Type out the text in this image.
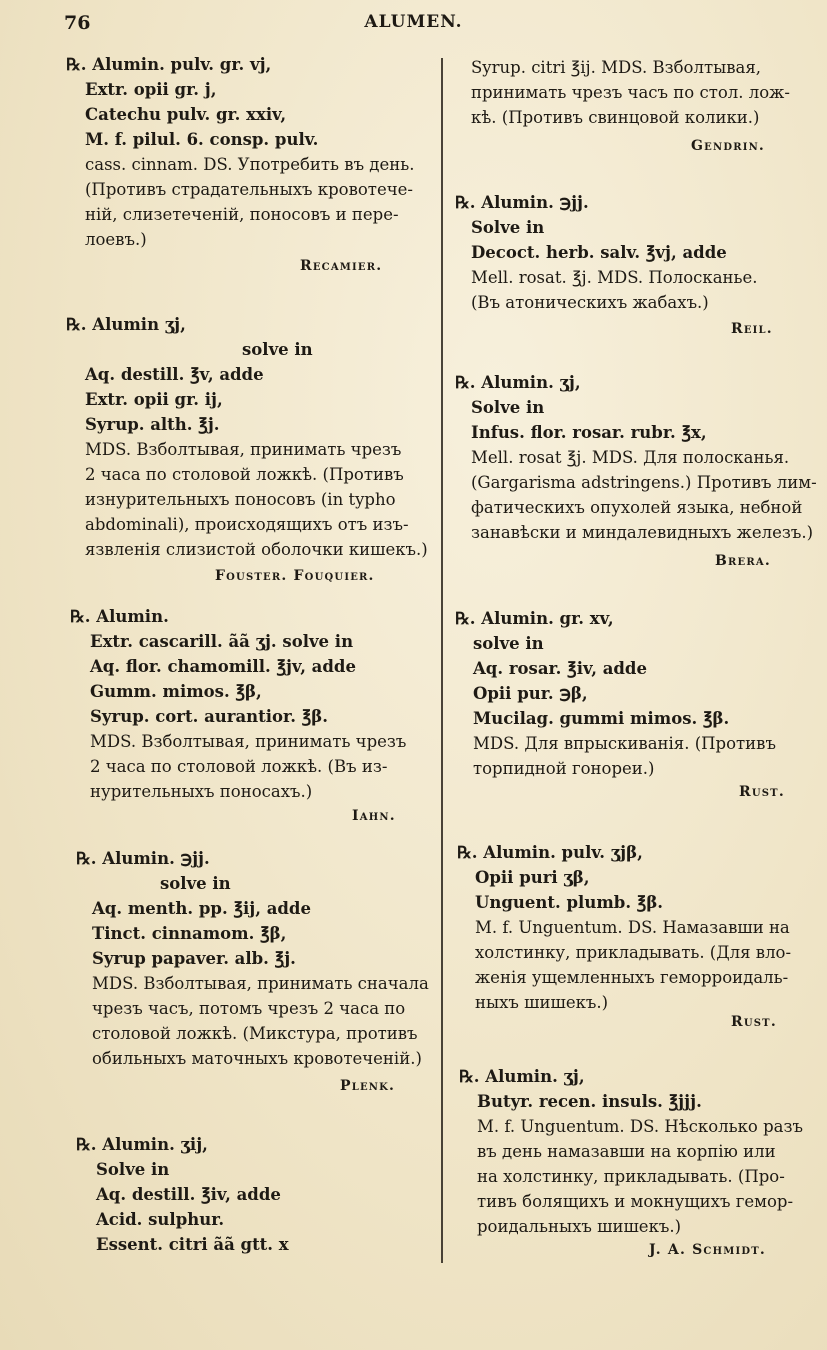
76	ALUMEN.
℞. Alumin. pulv. gr. vj,
Extr. opii gr. j,
Catechu pulv. gr. xxiv,
M. f. pilul. 6. consp. pulv.
cass. cinnam. DS. Употребить въ день.
(Противъ страдательныхъ кровотече-
ній, слизетеченій, поносовъ и пере-
лоевъ.)
Recamier.
℞. Alumin ʒj,
solve in
Aq. destill. ℥v, adde
Extr. opii gr. ij,
Syrup. alth. ℥j.
MDS. Взболтывая, принимать чрезъ
2 часа по столовой ложкѣ. (Противъ
изнурительныхъ поносовъ (in typho
abdominali), происходящихъ отъ изъ-
язвленія слизистой оболочки кишекъ.)
Fouster. Fouquier.
℞. Alumin.
Extr. cascarill. ãã ʒj. solve in
Aq. flor. chamomill. ℥jv, adde
Gumm. mimos. ℥β,
Syrup. cort. aurantior. ℥β.
MDS. Взболтывая, принимать чрезъ
2 часа по столовой ложкѣ. (Въ из-
нурительныхъ поносахъ.)
Iahn.
℞. Alumin. ℈jj.
solve in
Aq. menth. pp. ℥ij, adde
Tinct. cinnamom. ℥β,
Syrup papaver. alb. ℥j.
MDS. Взболтывая, принимать сначала
чрезъ часъ, потомъ чрезъ 2 часа по
столовой ложкѣ. (Микстура, противъ
обильныхъ маточныхъ кровотеченій.)
Plenk.
℞. Alumin. ʒij,
Solve in
Aq. destill. ℥iv, adde
Acid. sulphur.
Essent. citri ãã gtt. x
Syrup. citri ℥ij. MDS. Взболтывая,
принимать чрезъ часъ по стол. лож-
кѣ. (Противъ свинцовой колики.)
Gendrin.
℞. Alumin. ℈jj.
Solve in
Decoct. herb. salv. ℥vj, adde
Mell. rosat. ℥j. MDS. Полосканье.
(Въ атоническихъ жабахъ.)
Reil.
℞. Alumin. ʒj,
Solve in
Infus. flor. rosar. rubr. ℥x,
Mell. rosat ℥j. MDS. Для полосканья.
(Gargarisma adstringens.) Противъ лим-
фатическихъ опухолей языка, небной
занавѣски и миндалевидныхъ железъ.)
Brera.
℞. Alumin. gr. xv,
solve in
Aq. rosar. ℥iv, adde
Opii pur. ℈β,
Mucilag. gummi mimos. ℥β.
MDS. Для впрыскиванія. (Противъ
торпидной гонореи.)
Rust.
℞. Alumin. pulv. ʒjβ,
Opii puri ʒβ,
Unguent. plumb. ℥β.
M. f. Unguentum. DS. Намазавши на
холстинку, прикладывать. (Для вло-
женія ущемленныхъ геморроидаль-
ныхъ шишекъ.)
Rust.
℞. Alumin. ʒj,
Butyr. recen. insuls. ℥jjj.
M. f. Unguentum. DS. Нѣсколько разъ
въ день намазавши на корпію или
на холстинку, прикладывать. (Про-
тивъ болящихъ и мокнущихъ гемор-
роидальныхъ шишекъ.)
J. A. Schmidt.
